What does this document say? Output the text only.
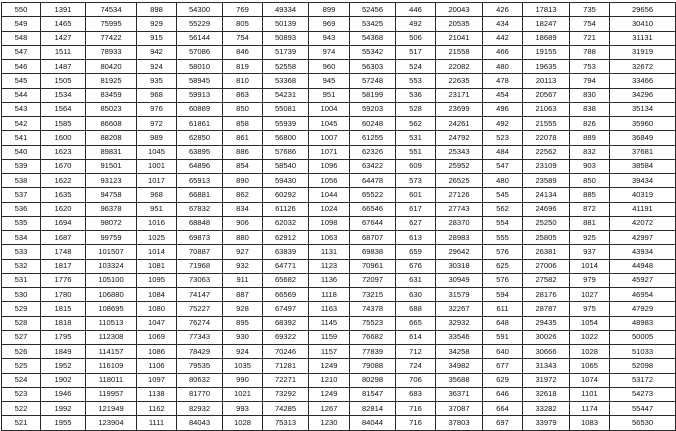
550	1391	74534	898	54300	769	49334	899	52456	446	20043	426	17813	735	29656
549	1465	75995	929	55229	805	50139	969	53425	492	20535	434	18247	754	30410
548	1427	77422	915	56144	754	50893	943	54368	506	21041	442	18689	721	31131
547	1511	78933	942	57086	846	51739	974	55342	517	21558	466	19155	788	31919
546	1487	80420	924	58010	819	52558	960	56303	524	22082	480	19635	753	32672
545	1505	81925	935	58945	810	53368	945	57248	553	22635	478	20113	794	33466
544	1534	83459	968	59913	863	54231	951	58199	536	23171	454	20567	830	34296
543	1564	85023	976	60889	850	55081	1004	59203	528	23699	496	21063	838	35134
542	1585	86608	972	61861	858	55939	1045	60248	562	24261	492	21555	826	35960
541	1600	88208	989	62850	861	56800	1007	61255	531	24792	523	22078	889	36849
540	1623	89831	1045	63895	886	57686	1071	62326	551	25343	484	22562	832	37681
539	1670	91501	1001	64896	854	58540	1096	63422	609	25952	547	23109	903	38584
538	1622	93123	1017	65913	890	59430	1056	64478	573	26525	480	23589	850	39434
537	1635	94758	968	66881	862	60292	1044	65522	601	27126	545	24134	885	40319
536	1620	96378	951	67832	834	61126	1024	66546	617	27743	562	24696	872	41191
535	1694	98072	1016	68848	906	62032	1098	67644	627	28370	554	25250	881	42072
534	1687	99759	1025	69873	880	62912	1063	68707	613	28983	555	25805	925	42997
533	1748	101507	1014	70887	927	63839	1131	69838	659	29642	576	26381	937	43934
532	1817	103324	1081	71968	932	64771	1123	70961	676	30318	625	27006	1014	44948
531	1776	105100	1095	73063	911	65682	1136	72097	631	30949	576	27582	979	45927
530	1780	106880	1084	74147	887	66569	1118	73215	630	31579	594	28176	1027	46954
529	1815	108695	1080	75227	928	67497	1163	74378	688	32267	611	28787	975	47929
528	1818	110513	1047	76274	895	68392	1145	75523	665	32932	648	29435	1054	48983
527	1795	112308	1069	77343	930	69322	1159	76682	614	33546	591	30026	1022	50005
526	1849	114157	1086	78429	924	70246	1157	77839	712	34258	640	30666	1028	51033
525	1952	116109	1106	79535	1035	71281	1249	79088	724	34982	677	31343	1065	52098
524	1902	118011	1097	80632	990	72271	1210	80298	706	35688	629	31972	1074	53172
523	1946	119957	1138	81770	1021	73292	1249	81547	683	36371	646	32618	1101	54273
522	1992	121949	1162	82932	993	74285	1267	82814	716	37087	664	33282	1174	55447
521	1955	123904	1111	84043	1028	75313	1230	84044	716	37803	697	33979	1083	56530
